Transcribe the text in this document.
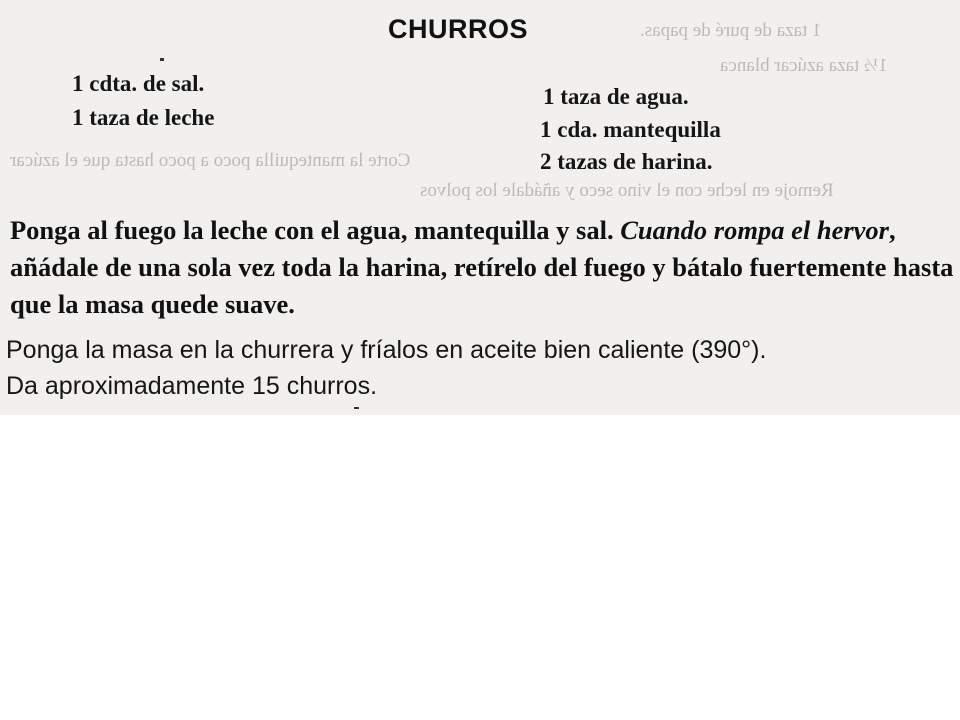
1 taza de puré de papas.
1½ taza azúcar blanca
Remoje en leche con el vino seco y añádale los polvos
Corte la mantequilla poco a poco hasta que el azúcar
CHURROS
1 cdta. de sal.
1 taza de leche
1 taza de agua.
1 cda. mantequilla
2 tazas de harina.
Ponga al fuego la leche con el agua, mantequilla y sal. Cuando rompa el hervor, añádale de una sola vez toda la harina, retírelo del fuego y bátalo fuertemente hasta que la masa quede suave.
Ponga la masa en la churrera y fríalos en aceite bien caliente (390°).
Da aproximadamente 15 churros.
